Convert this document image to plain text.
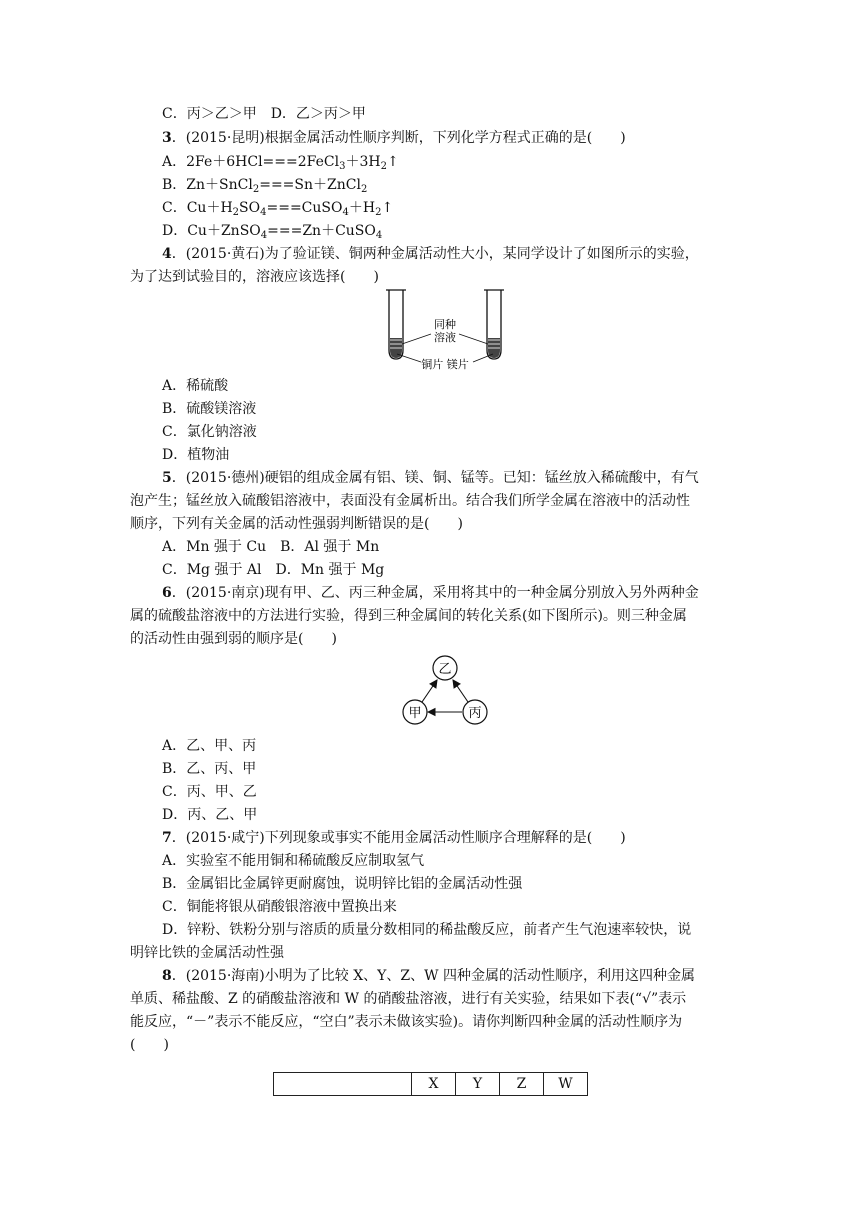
C．丙＞乙＞甲　D．乙＞丙＞甲
3．(2015·昆明)根据金属活动性顺序判断，下列化学方程式正确的是(　　)
A．$2Fe+6HCl===2FeCl_3+3H_2↑$
B．Zn＋SnCl$_2$===Sn＋ZnCl$_2$
C．$Cu+H_2SO_4===CuSO_4+H_2↑$
D．Cu＋ZnSO$_4$===Zn＋CuSO$_4$
4．(2015·黄石)为了验证镁、铜两种金属活动性大小，某同学设计了如图所示的实验，
为了达到试验目的，溶液应该选择(　　)
同种
溶液
铜片 镁片
A．稀硫酸
B．硫酸镁溶液
C．氯化钠溶液
D．植物油
5．(2015·德州)硬铝的组成金属有铝、镁、铜、锰等。已知：锰丝放入稀硫酸中，有气
泡产生；锰丝放入硫酸铝溶液中，表面没有金属析出。结合我们所学金属在溶液中的活动性
顺序，下列有关金属的活动性强弱判断错误的是(　　)
A．Mn 强于 Cu　B．Al 强于 Mn
C．Mg 强于 Al　D．Mn 强于 Mg
6．(2015·南京)现有甲、乙、丙三种金属，采用将其中的一种金属分别放入另外两种金
属的硫酸盐溶液中的方法进行实验，得到三种金属间的转化关系(如下图所示)。则三种金属
的活动性由强到弱的顺序是(　　)
乙
甲	丙
A．乙、甲、丙
B．乙、丙、甲
C．丙、甲、乙
D．丙、乙、甲
7．(2015·咸宁)下列现象或事实不能用金属活动性顺序合理解释的是(　　)
A．实验室不能用铜和稀硫酸反应制取氢气
B．金属铝比金属锌更耐腐蚀，说明锌比铝的金属活动性强
C．铜能将银从硝酸银溶液中置换出来
D．锌粉、铁粉分别与溶质的质量分数相同的稀盐酸反应，前者产生气泡速率较快，说
明锌比铁的金属活动性强
8．(2015·海南)小明为了比较 X、Y、Z、W 四种金属的活动性顺序，利用这四种金属
单质、稀盐酸、Z 的硝酸盐溶液和 W 的硝酸盐溶液，进行有关实验，结果如下表(“√”表示
能反应，“－”表示不能反应，“空白”表示未做该实验)。请你判断四种金属的活动性顺序为
(　　)
	X	Y	Z	W
